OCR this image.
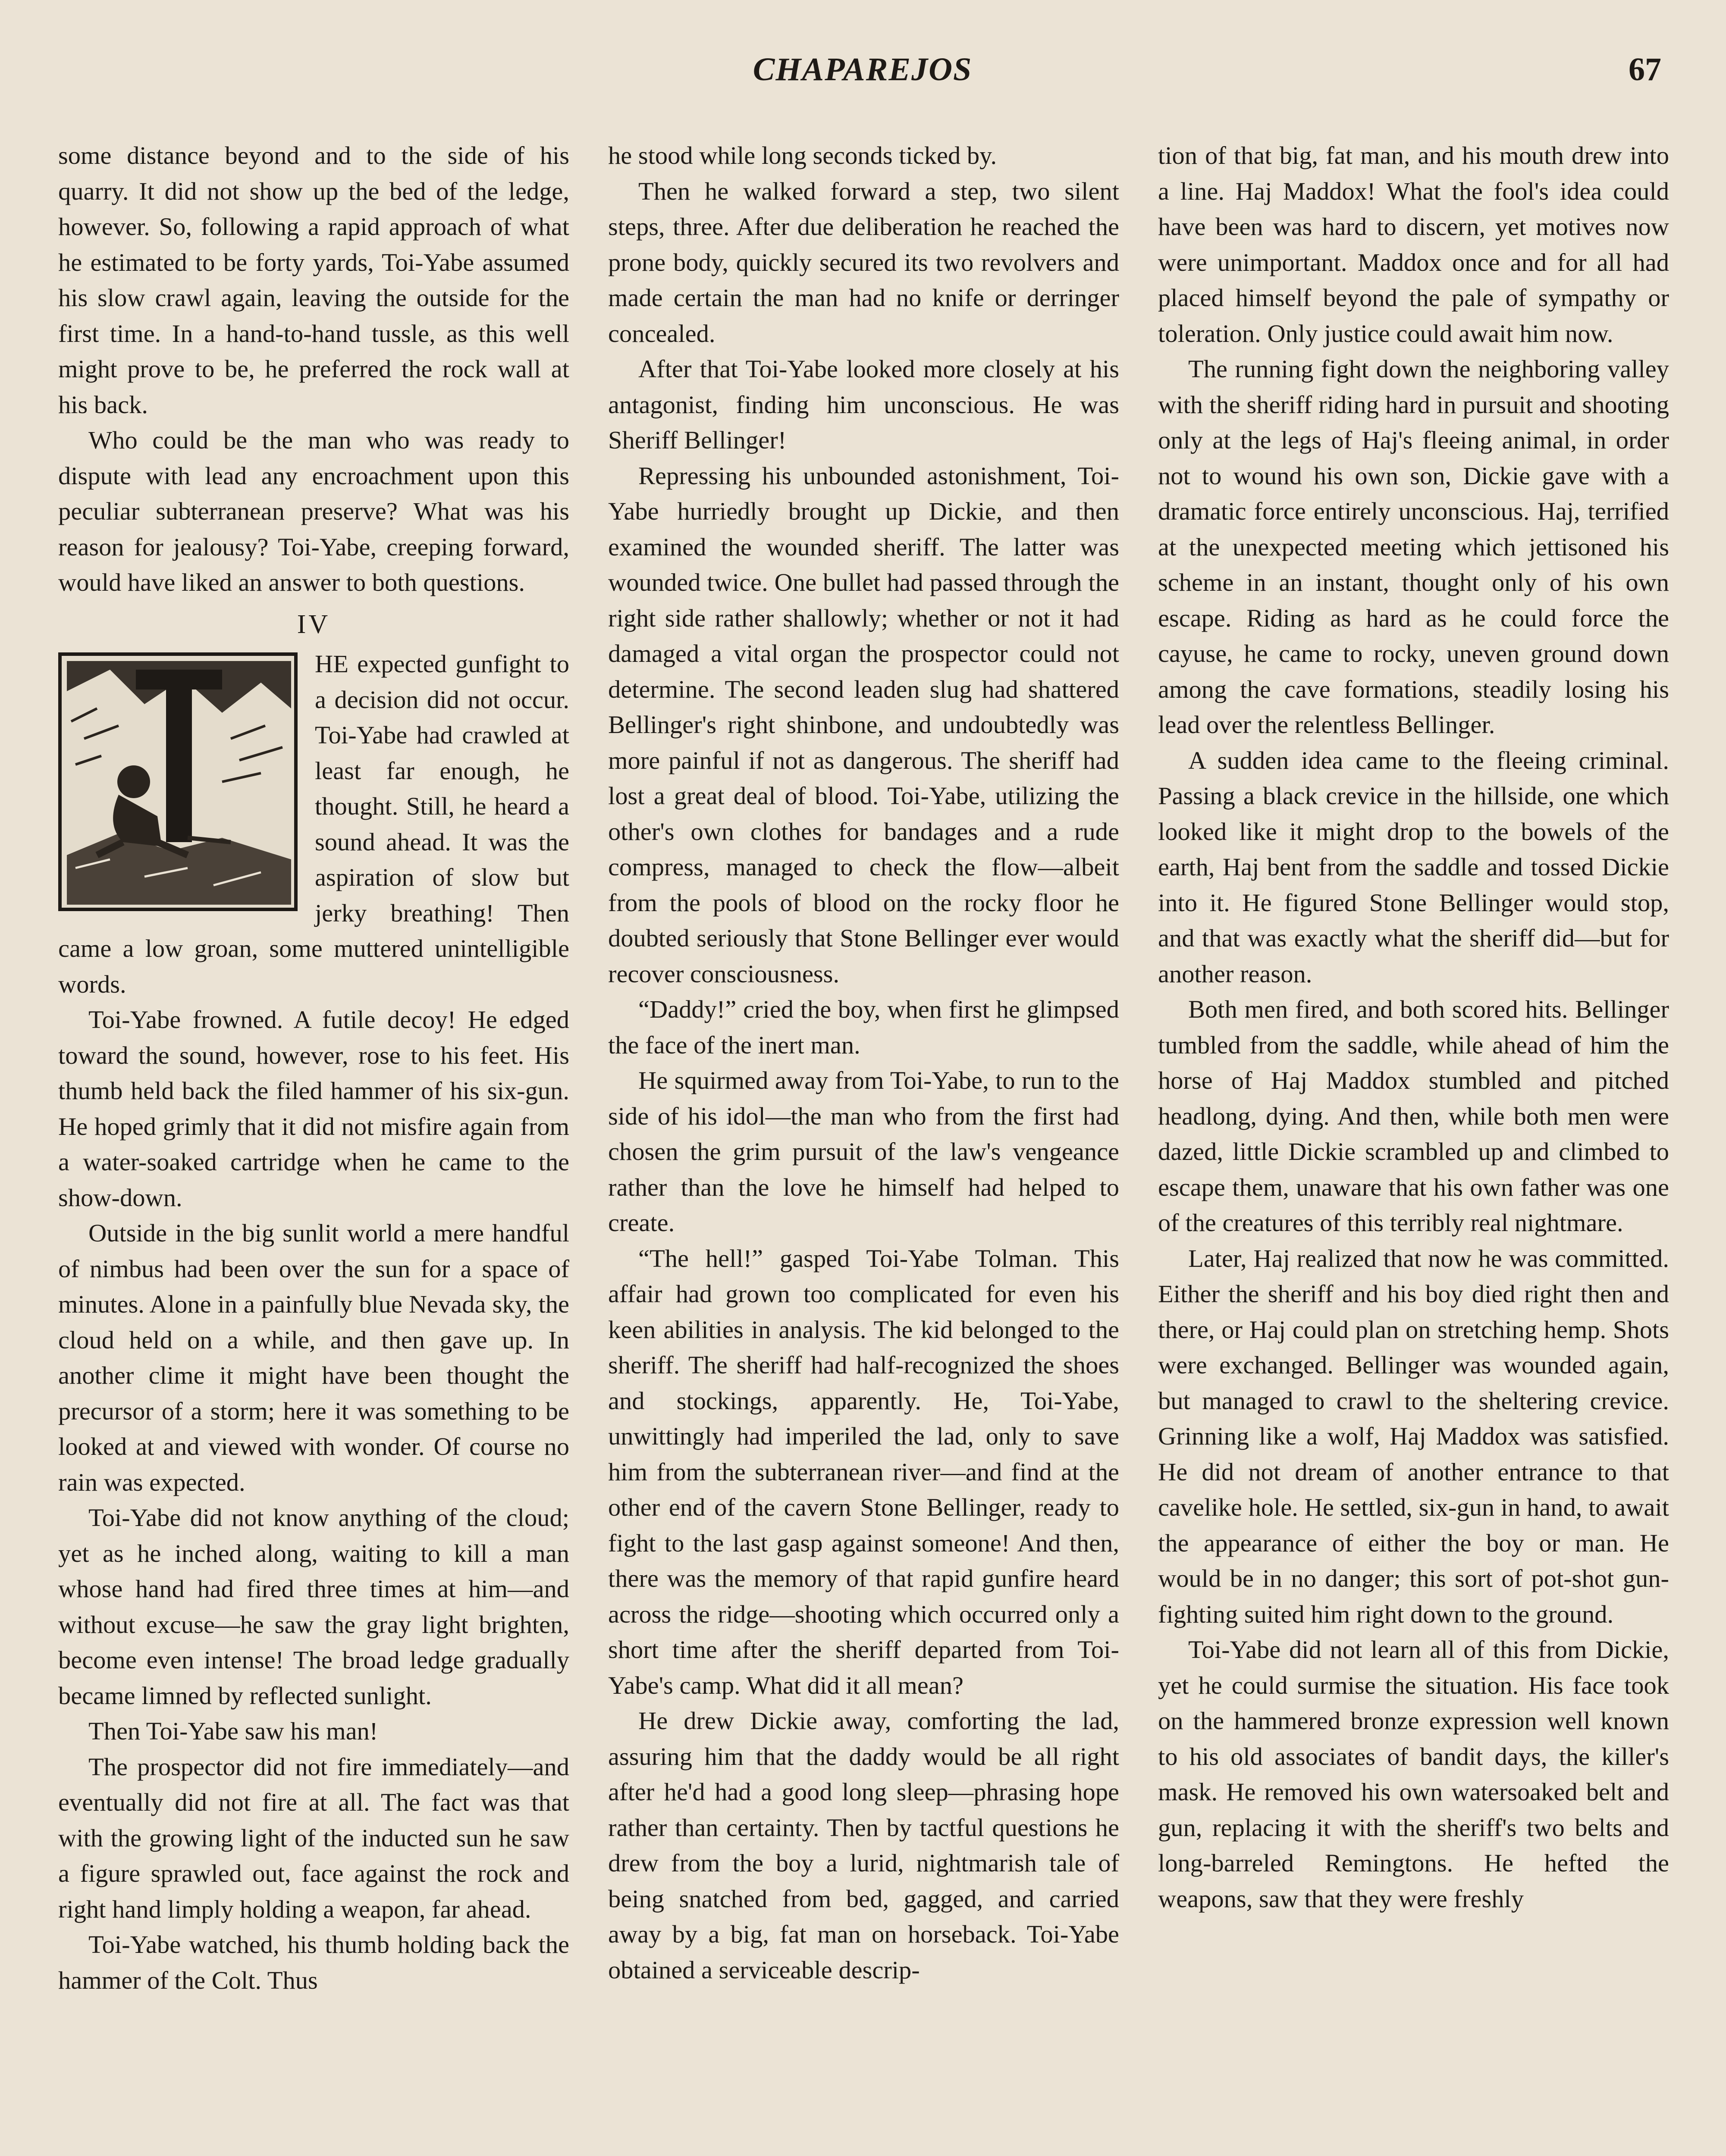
CHAPAREJOS	67

some distance beyond and to the side of his quarry. It did not show up the bed of the ledge, however. So, following a rapid approach of what he estimated to be forty yards, Toi-Yabe assumed his slow crawl again, leaving the outside for the first time. In a hand-to-hand tussle, as this well might prove to be, he preferred the rock wall at his back.

Who could be the man who was ready to dispute with lead any encroachment upon this peculiar subterranean preserve? What was his reason for jealousy? Toi-Yabe, creeping forward, would have liked an answer to both questions.

IV

HE expected gunfight to a decision did not occur. Toi-Yabe had crawled at least far enough, he thought. Still, he heard a sound ahead. It was the aspiration of slow but jerky breathing! Then came a low groan, some muttered unintelligible words.

Toi-Yabe frowned. A futile decoy! He edged toward the sound, however, rose to his feet. His thumb held back the filed hammer of his six-gun. He hoped grimly that it did not misfire again from a water-soaked cartridge when he came to the show-down.

Outside in the big sunlit world a mere handful of nimbus had been over the sun for a space of minutes. Alone in a painfully blue Nevada sky, the cloud held on a while, and then gave up. In another clime it might have been thought the precursor of a storm; here it was something to be looked at and viewed with wonder. Of course no rain was expected.

Toi-Yabe did not know anything of the cloud; yet as he inched along, waiting to kill a man whose hand had fired three times at him—and without excuse—he saw the gray light brighten, become even intense! The broad ledge gradually became limned by reflected sunlight.

Then Toi-Yabe saw his man!

The prospector did not fire immediately—and eventually did not fire at all. The fact was that with the growing light of the inducted sun he saw a figure sprawled out, face against the rock and right hand limply holding a weapon, far ahead.

Toi-Yabe watched, his thumb holding back the hammer of the Colt. Thus

he stood while long seconds ticked by.

Then he walked forward a step, two silent steps, three. After due deliberation he reached the prone body, quickly secured its two revolvers and made certain the man had no knife or derringer concealed.

After that Toi-Yabe looked more closely at his antagonist, finding him unconscious. He was Sheriff Bellinger!

Repressing his unbounded astonishment, Toi-Yabe hurriedly brought up Dickie, and then examined the wounded sheriff. The latter was wounded twice. One bullet had passed through the right side rather shallowly; whether or not it had damaged a vital organ the prospector could not determine. The second leaden slug had shattered Bellinger's right shinbone, and undoubtedly was more painful if not as dangerous. The sheriff had lost a great deal of blood. Toi-Yabe, utilizing the other's own clothes for bandages and a rude compress, managed to check the flow—albeit from the pools of blood on the rocky floor he doubted seriously that Stone Bellinger ever would recover consciousness.

“Daddy!” cried the boy, when first he glimpsed the face of the inert man.

He squirmed away from Toi-Yabe, to run to the side of his idol—the man who from the first had chosen the grim pursuit of the law's vengeance rather than the love he himself had helped to create.

“The hell!” gasped Toi-Yabe Tolman. This affair had grown too complicated for even his keen abilities in analysis. The kid belonged to the sheriff. The sheriff had half-recognized the shoes and stockings, apparently. He, Toi-Yabe, unwittingly had imperiled the lad, only to save him from the subterranean river—and find at the other end of the cavern Stone Bellinger, ready to fight to the last gasp against someone! And then, there was the memory of that rapid gunfire heard across the ridge—shooting which occurred only a short time after the sheriff departed from Toi-Yabe's camp. What did it all mean?

He drew Dickie away, comforting the lad, assuring him that the daddy would be all right after he'd had a good long sleep—phrasing hope rather than certainty. Then by tactful questions he drew from the boy a lurid, nightmarish tale of being snatched from bed, gagged, and carried away by a big, fat man on horseback. Toi-Yabe obtained a serviceable descrip-

tion of that big, fat man, and his mouth drew into a line. Haj Maddox! What the fool's idea could have been was hard to discern, yet motives now were unimportant. Maddox once and for all had placed himself beyond the pale of sympathy or toleration. Only justice could await him now.

The running fight down the neighboring valley with the sheriff riding hard in pursuit and shooting only at the legs of Haj's fleeing animal, in order not to wound his own son, Dickie gave with a dramatic force entirely unconscious. Haj, terrified at the unexpected meeting which jettisoned his scheme in an instant, thought only of his own escape. Riding as hard as he could force the cayuse, he came to rocky, uneven ground down among the cave formations, steadily losing his lead over the relentless Bellinger.

A sudden idea came to the fleeing criminal. Passing a black crevice in the hillside, one which looked like it might drop to the bowels of the earth, Haj bent from the saddle and tossed Dickie into it. He figured Stone Bellinger would stop, and that was exactly what the sheriff did—but for another reason.

Both men fired, and both scored hits. Bellinger tumbled from the saddle, while ahead of him the horse of Haj Maddox stumbled and pitched headlong, dying. And then, while both men were dazed, little Dickie scrambled up and climbed to escape them, unaware that his own father was one of the creatures of this terribly real nightmare.

Later, Haj realized that now he was committed. Either the sheriff and his boy died right then and there, or Haj could plan on stretching hemp. Shots were exchanged. Bellinger was wounded again, but managed to crawl to the sheltering crevice. Grinning like a wolf, Haj Maddox was satisfied. He did not dream of another entrance to that cavelike hole. He settled, six-gun in hand, to await the appearance of either the boy or man. He would be in no danger; this sort of pot-shot gun-fighting suited him right down to the ground.

Toi-Yabe did not learn all of this from Dickie, yet he could surmise the situation. His face took on the hammered bronze expression well known to his old associates of bandit days, the killer's mask. He removed his own watersoaked belt and gun, replacing it with the sheriff's two belts and long-barreled Remingtons. He hefted the weapons, saw that they were freshly
